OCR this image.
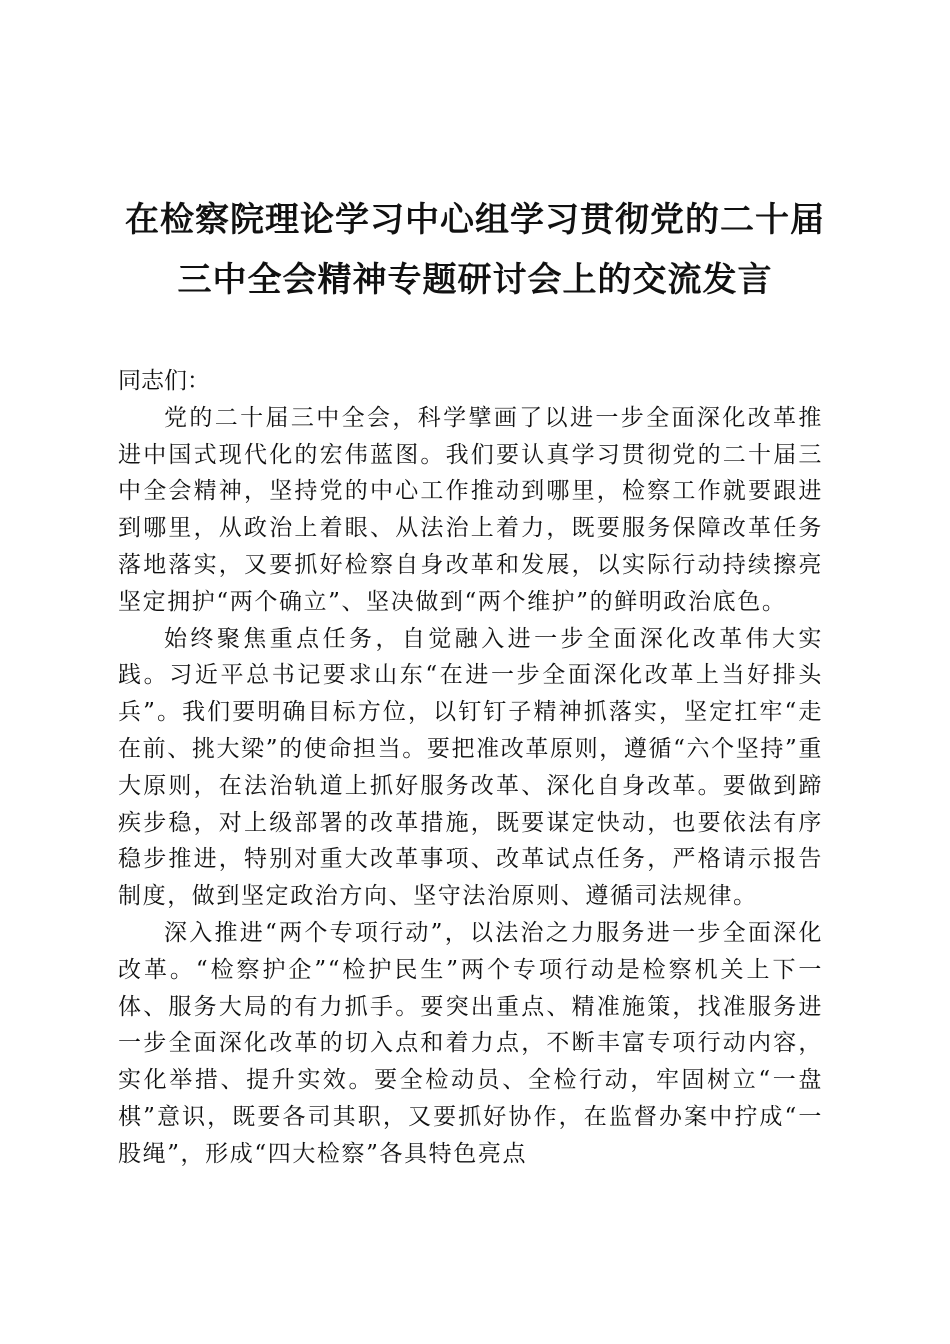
在检察院理论学习中心组学习贯彻党的二十届
三中全会精神专题研讨会上的交流发言

同志们：

党的二十届三中全会，科学擘画了以进一步全面深化改革推进中国式现代化的宏伟蓝图。我们要认真学习贯彻党的二十届三中全会精神，坚持党的中心工作推动到哪里，检察工作就要跟进到哪里，从政治上着眼、从法治上着力，既要服务保障改革任务落地落实，又要抓好检察自身改革和发展，以实际行动持续擦亮坚定拥护“两个确立”、坚决做到“两个维护”的鲜明政治底色。

始终聚焦重点任务，自觉融入进一步全面深化改革伟大实践。习近平总书记要求山东“在进一步全面深化改革上当好排头兵”。我们要明确目标方位，以钉钉子精神抓落实，坚定扛牢“走在前、挑大梁”的使命担当。要把准改革原则，遵循“六个坚持”重大原则，在法治轨道上抓好服务改革、深化自身改革。要做到蹄疾步稳，对上级部署的改革措施，既要谋定快动，也要依法有序稳步推进，特别对重大改革事项、改革试点任务，严格请示报告制度，做到坚定政治方向、坚守法治原则、遵循司法规律。

深入推进“两个专项行动”，以法治之力服务进一步全面深化改革。“检察护企”“检护民生”两个专项行动是检察机关上下一体、服务大局的有力抓手。要突出重点、精准施策，找准服务进一步全面深化改革的切入点和着力点，不断丰富专项行动内容，实化举措、提升实效。要全检动员、全检行动，牢固树立“一盘棋”意识，既要各司其职，又要抓好协作，在监督办案中拧成“一股绳”，形成“四大检察”各具特色亮点
